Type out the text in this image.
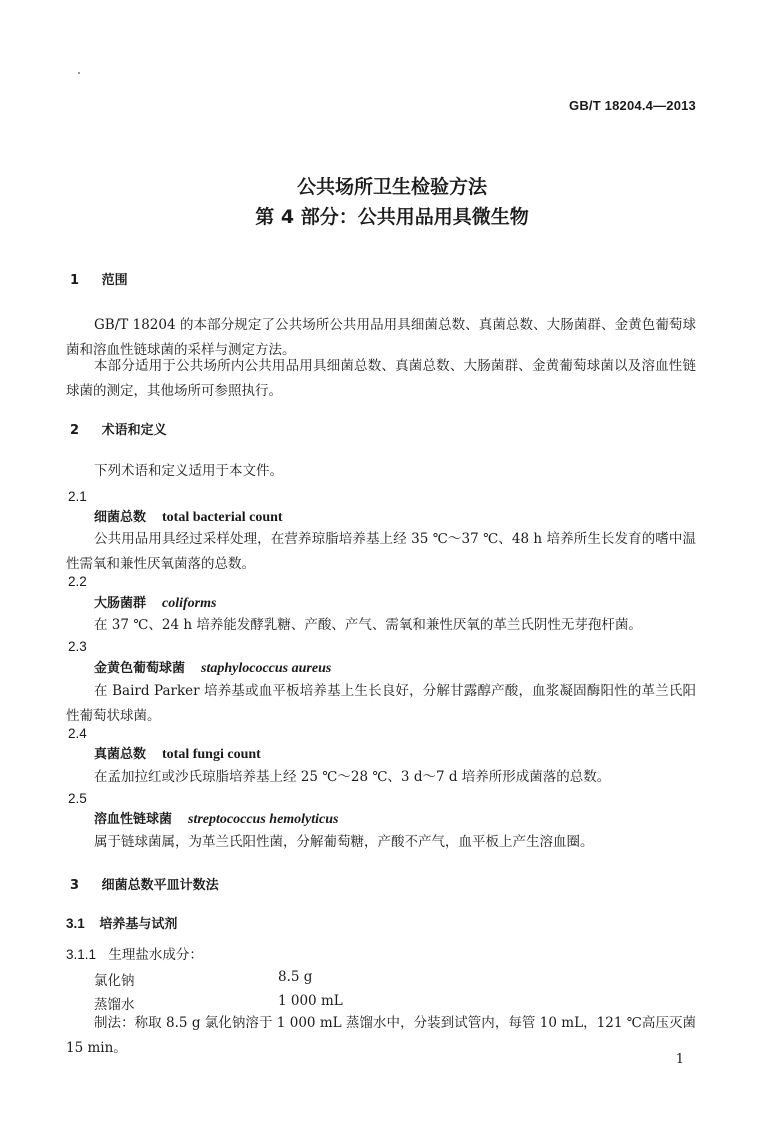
GB/T 18204.4—2013
公共场所卫生检验方法
第 4 部分：公共用品用具微生物
1 范围
GB/T 18204 的本部分规定了公共场所公共用品用具细菌总数、真菌总数、大肠菌群、金黄色葡萄球菌和溶血性链球菌的采样与测定方法。
本部分适用于公共场所内公共用品用具细菌总数、真菌总数、大肠菌群、金黄葡萄球菌以及溶血性链球菌的测定，其他场所可参照执行。
2 术语和定义
下列术语和定义适用于本文件。
2.1
细菌总数 total bacterial count
公共用品用具经过采样处理，在营养琼脂培养基上经 35 ℃～37 ℃、48 h 培养所生长发育的嗜中温性需氧和兼性厌氧菌落的总数。
2.2
大肠菌群 coliforms
在 37 ℃、24 h 培养能发酵乳糖、产酸、产气、需氧和兼性厌氧的革兰氏阴性无芽孢杆菌。
2.3
金黄色葡萄球菌 staphylococcus aureus
在 Baird Parker 培养基或血平板培养基上生长良好，分解甘露醇产酸，血浆凝固酶阳性的革兰氏阳性葡萄状球菌。
2.4
真菌总数 total fungi count
在孟加拉红或沙氏琼脂培养基上经 25 ℃～28 ℃、3 d～7 d 培养所形成菌落的总数。
2.5
溶血性链球菌 streptococcus hemolyticus
属于链球菌属，为革兰氏阳性菌，分解葡萄糖，产酸不产气，血平板上产生溶血圈。
3 细菌总数平皿计数法
3.1 培养基与试剂
3.1.1 生理盐水成分：
氯化钠	8.5 g
蒸馏水	1 000 mL
制法：称取 8.5 g 氯化钠溶于 1 000 mL 蒸馏水中，分装到试管内，每管 10 mL，121 ℃高压灭菌 15 min。
1
